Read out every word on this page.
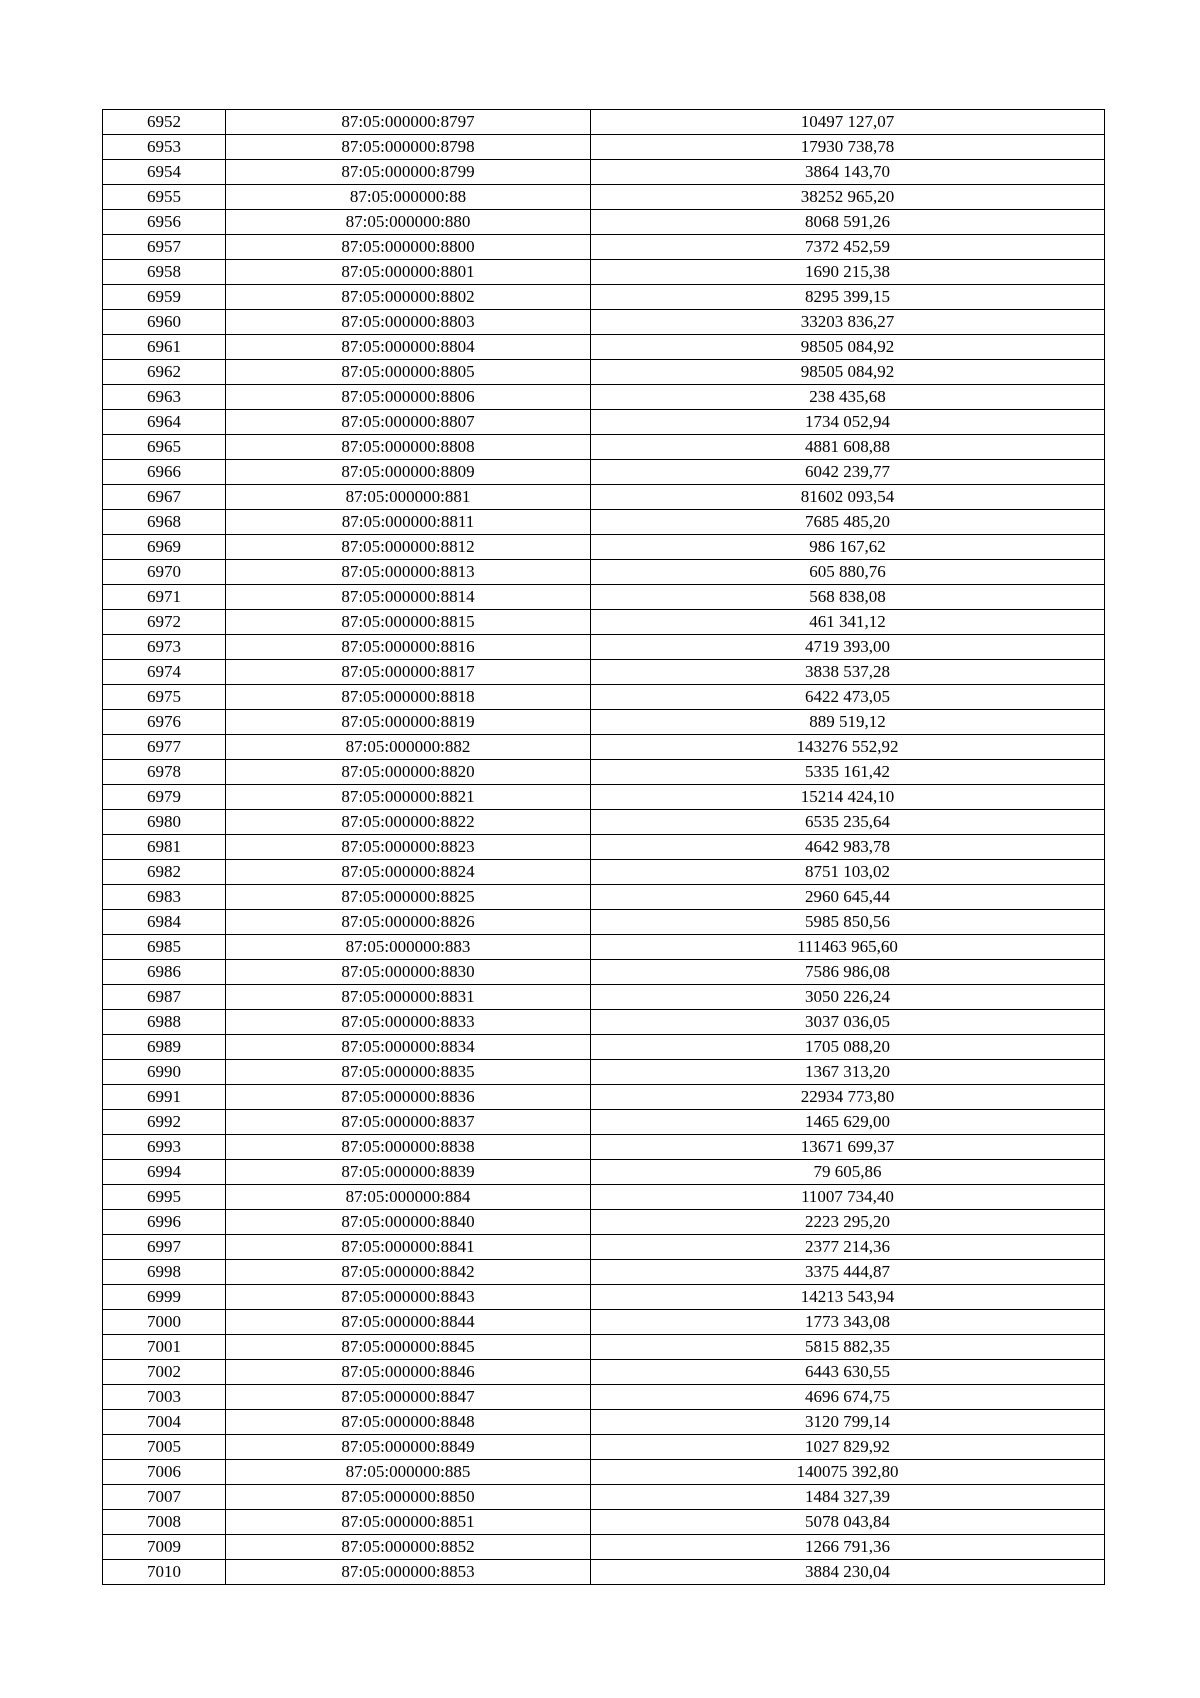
6952	87:05:000000:8797	10497 127,07
6953	87:05:000000:8798	17930 738,78
6954	87:05:000000:8799	3864 143,70
6955	87:05:000000:88	38252 965,20
6956	87:05:000000:880	8068 591,26
6957	87:05:000000:8800	7372 452,59
6958	87:05:000000:8801	1690 215,38
6959	87:05:000000:8802	8295 399,15
6960	87:05:000000:8803	33203 836,27
6961	87:05:000000:8804	98505 084,92
6962	87:05:000000:8805	98505 084,92
6963	87:05:000000:8806	238 435,68
6964	87:05:000000:8807	1734 052,94
6965	87:05:000000:8808	4881 608,88
6966	87:05:000000:8809	6042 239,77
6967	87:05:000000:881	81602 093,54
6968	87:05:000000:8811	7685 485,20
6969	87:05:000000:8812	986 167,62
6970	87:05:000000:8813	605 880,76
6971	87:05:000000:8814	568 838,08
6972	87:05:000000:8815	461 341,12
6973	87:05:000000:8816	4719 393,00
6974	87:05:000000:8817	3838 537,28
6975	87:05:000000:8818	6422 473,05
6976	87:05:000000:8819	889 519,12
6977	87:05:000000:882	143276 552,92
6978	87:05:000000:8820	5335 161,42
6979	87:05:000000:8821	15214 424,10
6980	87:05:000000:8822	6535 235,64
6981	87:05:000000:8823	4642 983,78
6982	87:05:000000:8824	8751 103,02
6983	87:05:000000:8825	2960 645,44
6984	87:05:000000:8826	5985 850,56
6985	87:05:000000:883	111463 965,60
6986	87:05:000000:8830	7586 986,08
6987	87:05:000000:8831	3050 226,24
6988	87:05:000000:8833	3037 036,05
6989	87:05:000000:8834	1705 088,20
6990	87:05:000000:8835	1367 313,20
6991	87:05:000000:8836	22934 773,80
6992	87:05:000000:8837	1465 629,00
6993	87:05:000000:8838	13671 699,37
6994	87:05:000000:8839	79 605,86
6995	87:05:000000:884	11007 734,40
6996	87:05:000000:8840	2223 295,20
6997	87:05:000000:8841	2377 214,36
6998	87:05:000000:8842	3375 444,87
6999	87:05:000000:8843	14213 543,94
7000	87:05:000000:8844	1773 343,08
7001	87:05:000000:8845	5815 882,35
7002	87:05:000000:8846	6443 630,55
7003	87:05:000000:8847	4696 674,75
7004	87:05:000000:8848	3120 799,14
7005	87:05:000000:8849	1027 829,92
7006	87:05:000000:885	140075 392,80
7007	87:05:000000:8850	1484 327,39
7008	87:05:000000:8851	5078 043,84
7009	87:05:000000:8852	1266 791,36
7010	87:05:000000:8853	3884 230,04
